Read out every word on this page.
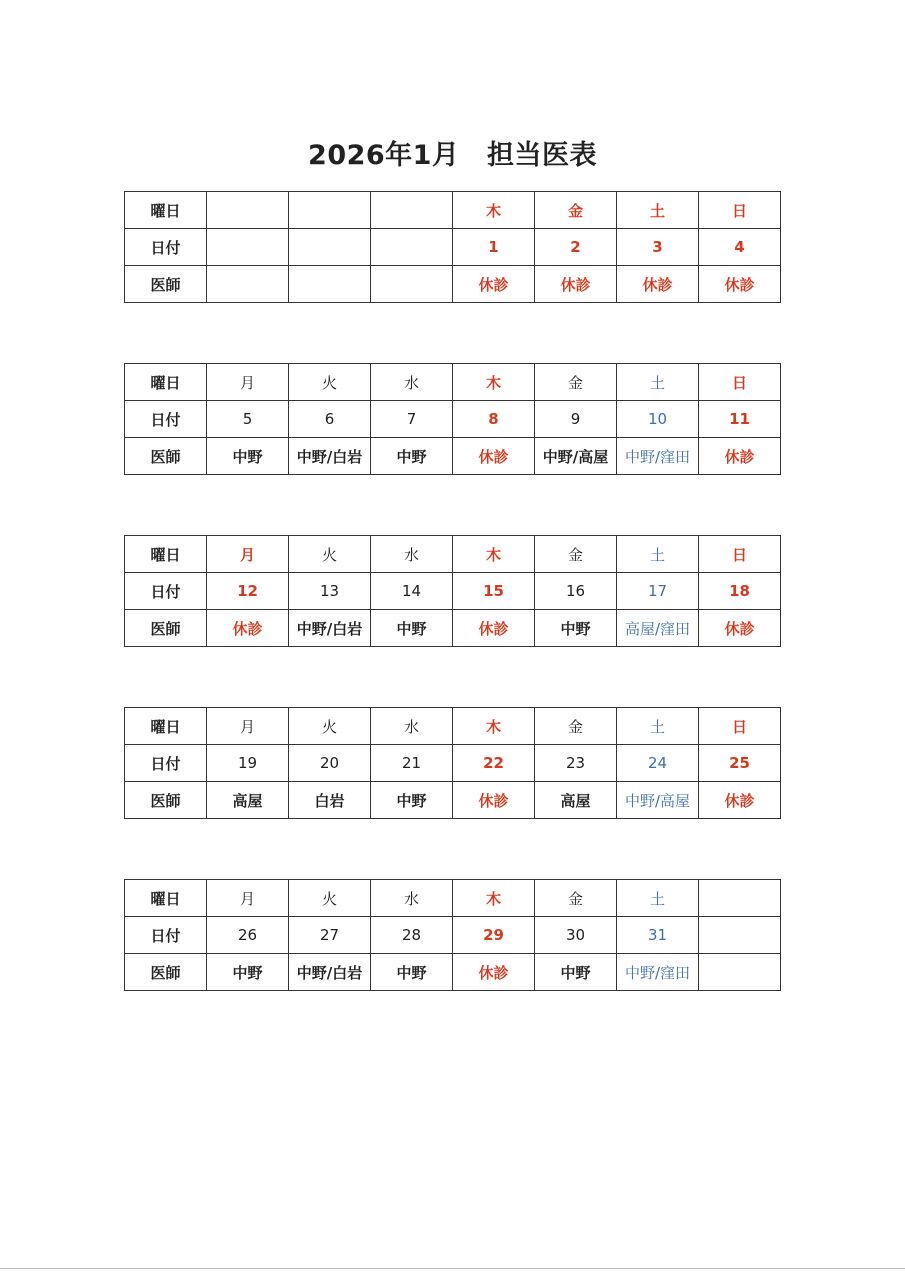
2026年1月　担当医表
曜日				木	金	土	日
日付				1	2	3	4
医師				休診	休診	休診	休診
曜日	月	火	水	木	金	土	日
日付	5	6	7	8	9	10	11
医師	中野	中野/白岩	中野	休診	中野/高屋	中野/窪田	休診
曜日	月	火	水	木	金	土	日
日付	12	13	14	15	16	17	18
医師	休診	中野/白岩	中野	休診	中野	高屋/窪田	休診
曜日	月	火	水	木	金	土	日
日付	19	20	21	22	23	24	25
医師	高屋	白岩	中野	休診	高屋	中野/高屋	休診
曜日	月	火	水	木	金	土	
日付	26	27	28	29	30	31	
医師	中野	中野/白岩	中野	休診	中野	中野/窪田	
